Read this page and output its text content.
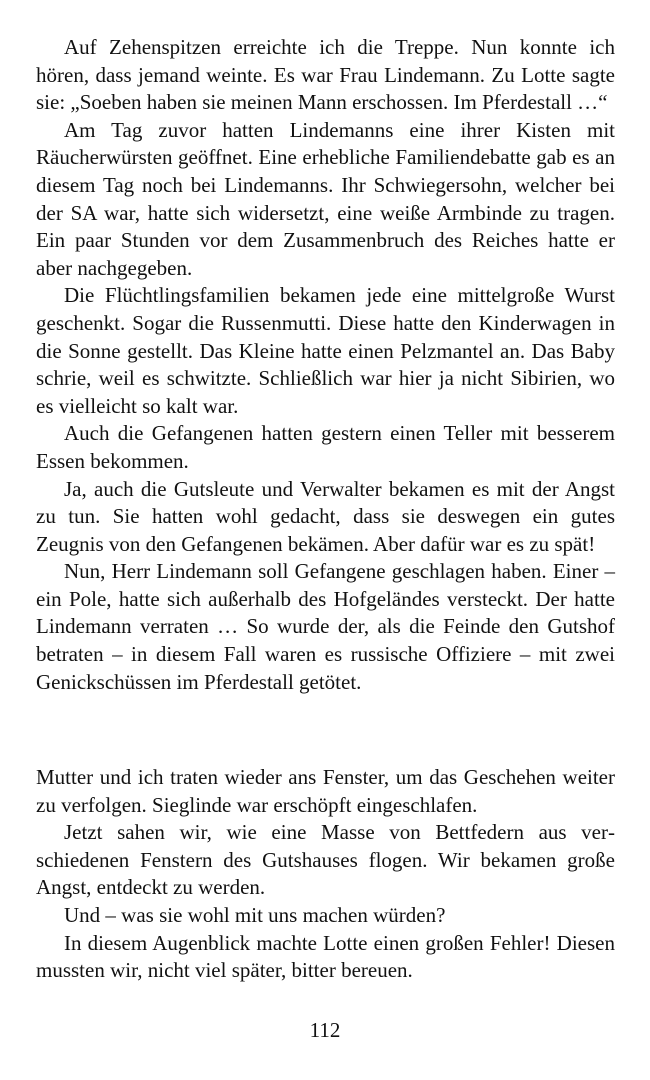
Auf Zehenspitzen erreichte ich die Treppe. Nun konnte ich hören, dass jemand weinte. Es war Frau Lindemann. Zu Lotte sagte sie: „Soeben haben sie meinen Mann erschossen. Im Pferdestall …“

Am Tag zuvor hatten Lindemanns eine ihrer Kisten mit Räucherwürsten geöffnet. Eine erhebliche Familiendebatte gab es an diesem Tag noch bei Lindemanns. Ihr Schwiegersohn, welcher bei der SA war, hatte sich widersetzt, eine weiße Armbinde zu tragen. Ein paar Stunden vor dem Zusammenbruch des Reiches hatte er aber nachgegeben.

Die Flüchtlingsfamilien bekamen jede eine mittelgroße Wurst geschenkt. Sogar die Russenmutti. Diese hatte den Kinderwagen in die Sonne gestellt. Das Kleine hatte einen Pelzmantel an. Das Baby schrie, weil es schwitzte. Schließlich war hier ja nicht Sibirien, wo es vielleicht so kalt war.

Auch die Gefangenen hatten gestern einen Teller mit besserem Essen bekommen.

Ja, auch die Gutsleute und Verwalter bekamen es mit der Angst zu tun. Sie hatten wohl gedacht, dass sie deswegen ein gutes Zeugnis von den Gefangenen bekämen. Aber dafür war es zu spät!

Nun, Herr Lindemann soll Gefangene geschlagen haben. Einer – ein Pole, hatte sich außerhalb des Hofgeländes versteckt. Der hatte Lindemann verraten … So wurde der, als die Feinde den Gutshof betraten – in diesem Fall waren es russische Offiziere – mit zwei Genickschüssen im Pferdestall getötet.

Mutter und ich traten wieder ans Fenster, um das Geschehen weiter zu verfolgen. Sieglinde war erschöpft eingeschlafen.

Jetzt sahen wir, wie eine Masse von Bettfedern aus verschiedenen Fenstern des Gutshauses flogen. Wir bekamen große Angst, entdeckt zu werden.

Und – was sie wohl mit uns machen würden?

In diesem Augenblick machte Lotte einen großen Fehler! Diesen mussten wir, nicht viel später, bitter bereuen.

112
